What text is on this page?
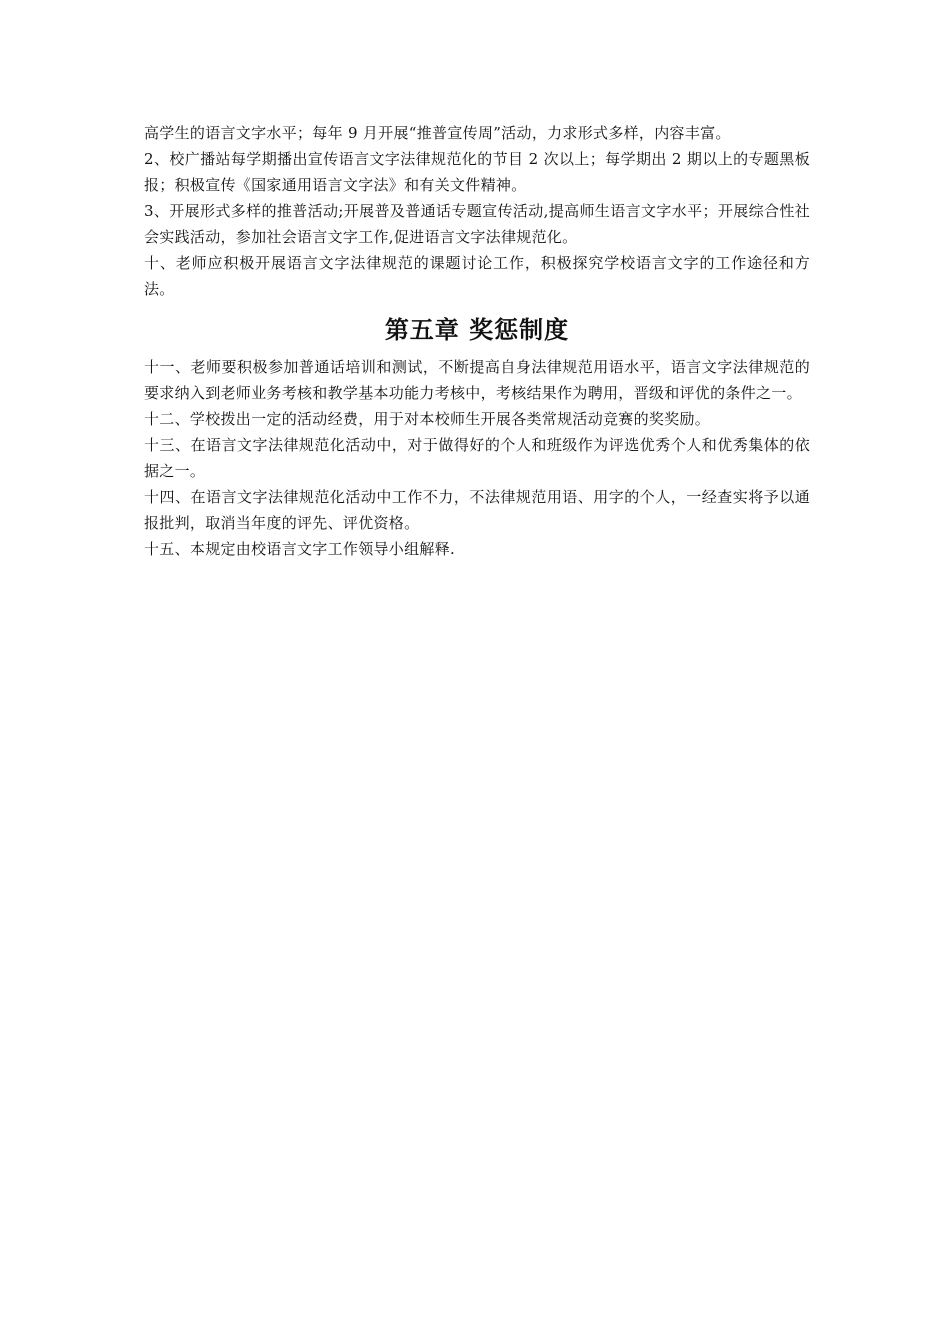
高学生的语言文字水平；每年 9 月开展“推普宣传周”活动，力求形式多样，内容丰富。

2、校广播站每学期播出宣传语言文字法律规范化的节目 2 次以上；每学期出 2 期以上的专题黑板报；积极宣传《国家通用语言文字法》和有关文件精神。

3、开展形式多样的推普活动;开展普及普通话专题宣传活动,提高师生语言文字水平；开展综合性社会实践活动，参加社会语言文字工作,促进语言文字法律规范化。

十、老师应积极开展语言文字法律规范的课题讨论工作，积极探究学校语言文字的工作途径和方法。

第五章 奖惩制度

十一、老师要积极参加普通话培训和测试，不断提高自身法律规范用语水平，语言文字法律规范的要求纳入到老师业务考核和教学基本功能力考核中，考核结果作为聘用，晋级和评优的条件之一。

十二、学校拨出一定的活动经费，用于对本校师生开展各类常规活动竞赛的奖奖励。

十三、在语言文字法律规范化活动中，对于做得好的个人和班级作为评选优秀个人和优秀集体的依据之一。

十四、在语言文字法律规范化活动中工作不力，不法律规范用语、用字的个人，一经查实将予以通报批判，取消当年度的评先、评优资格。

十五、本规定由校语言文字工作领导小组解释.
